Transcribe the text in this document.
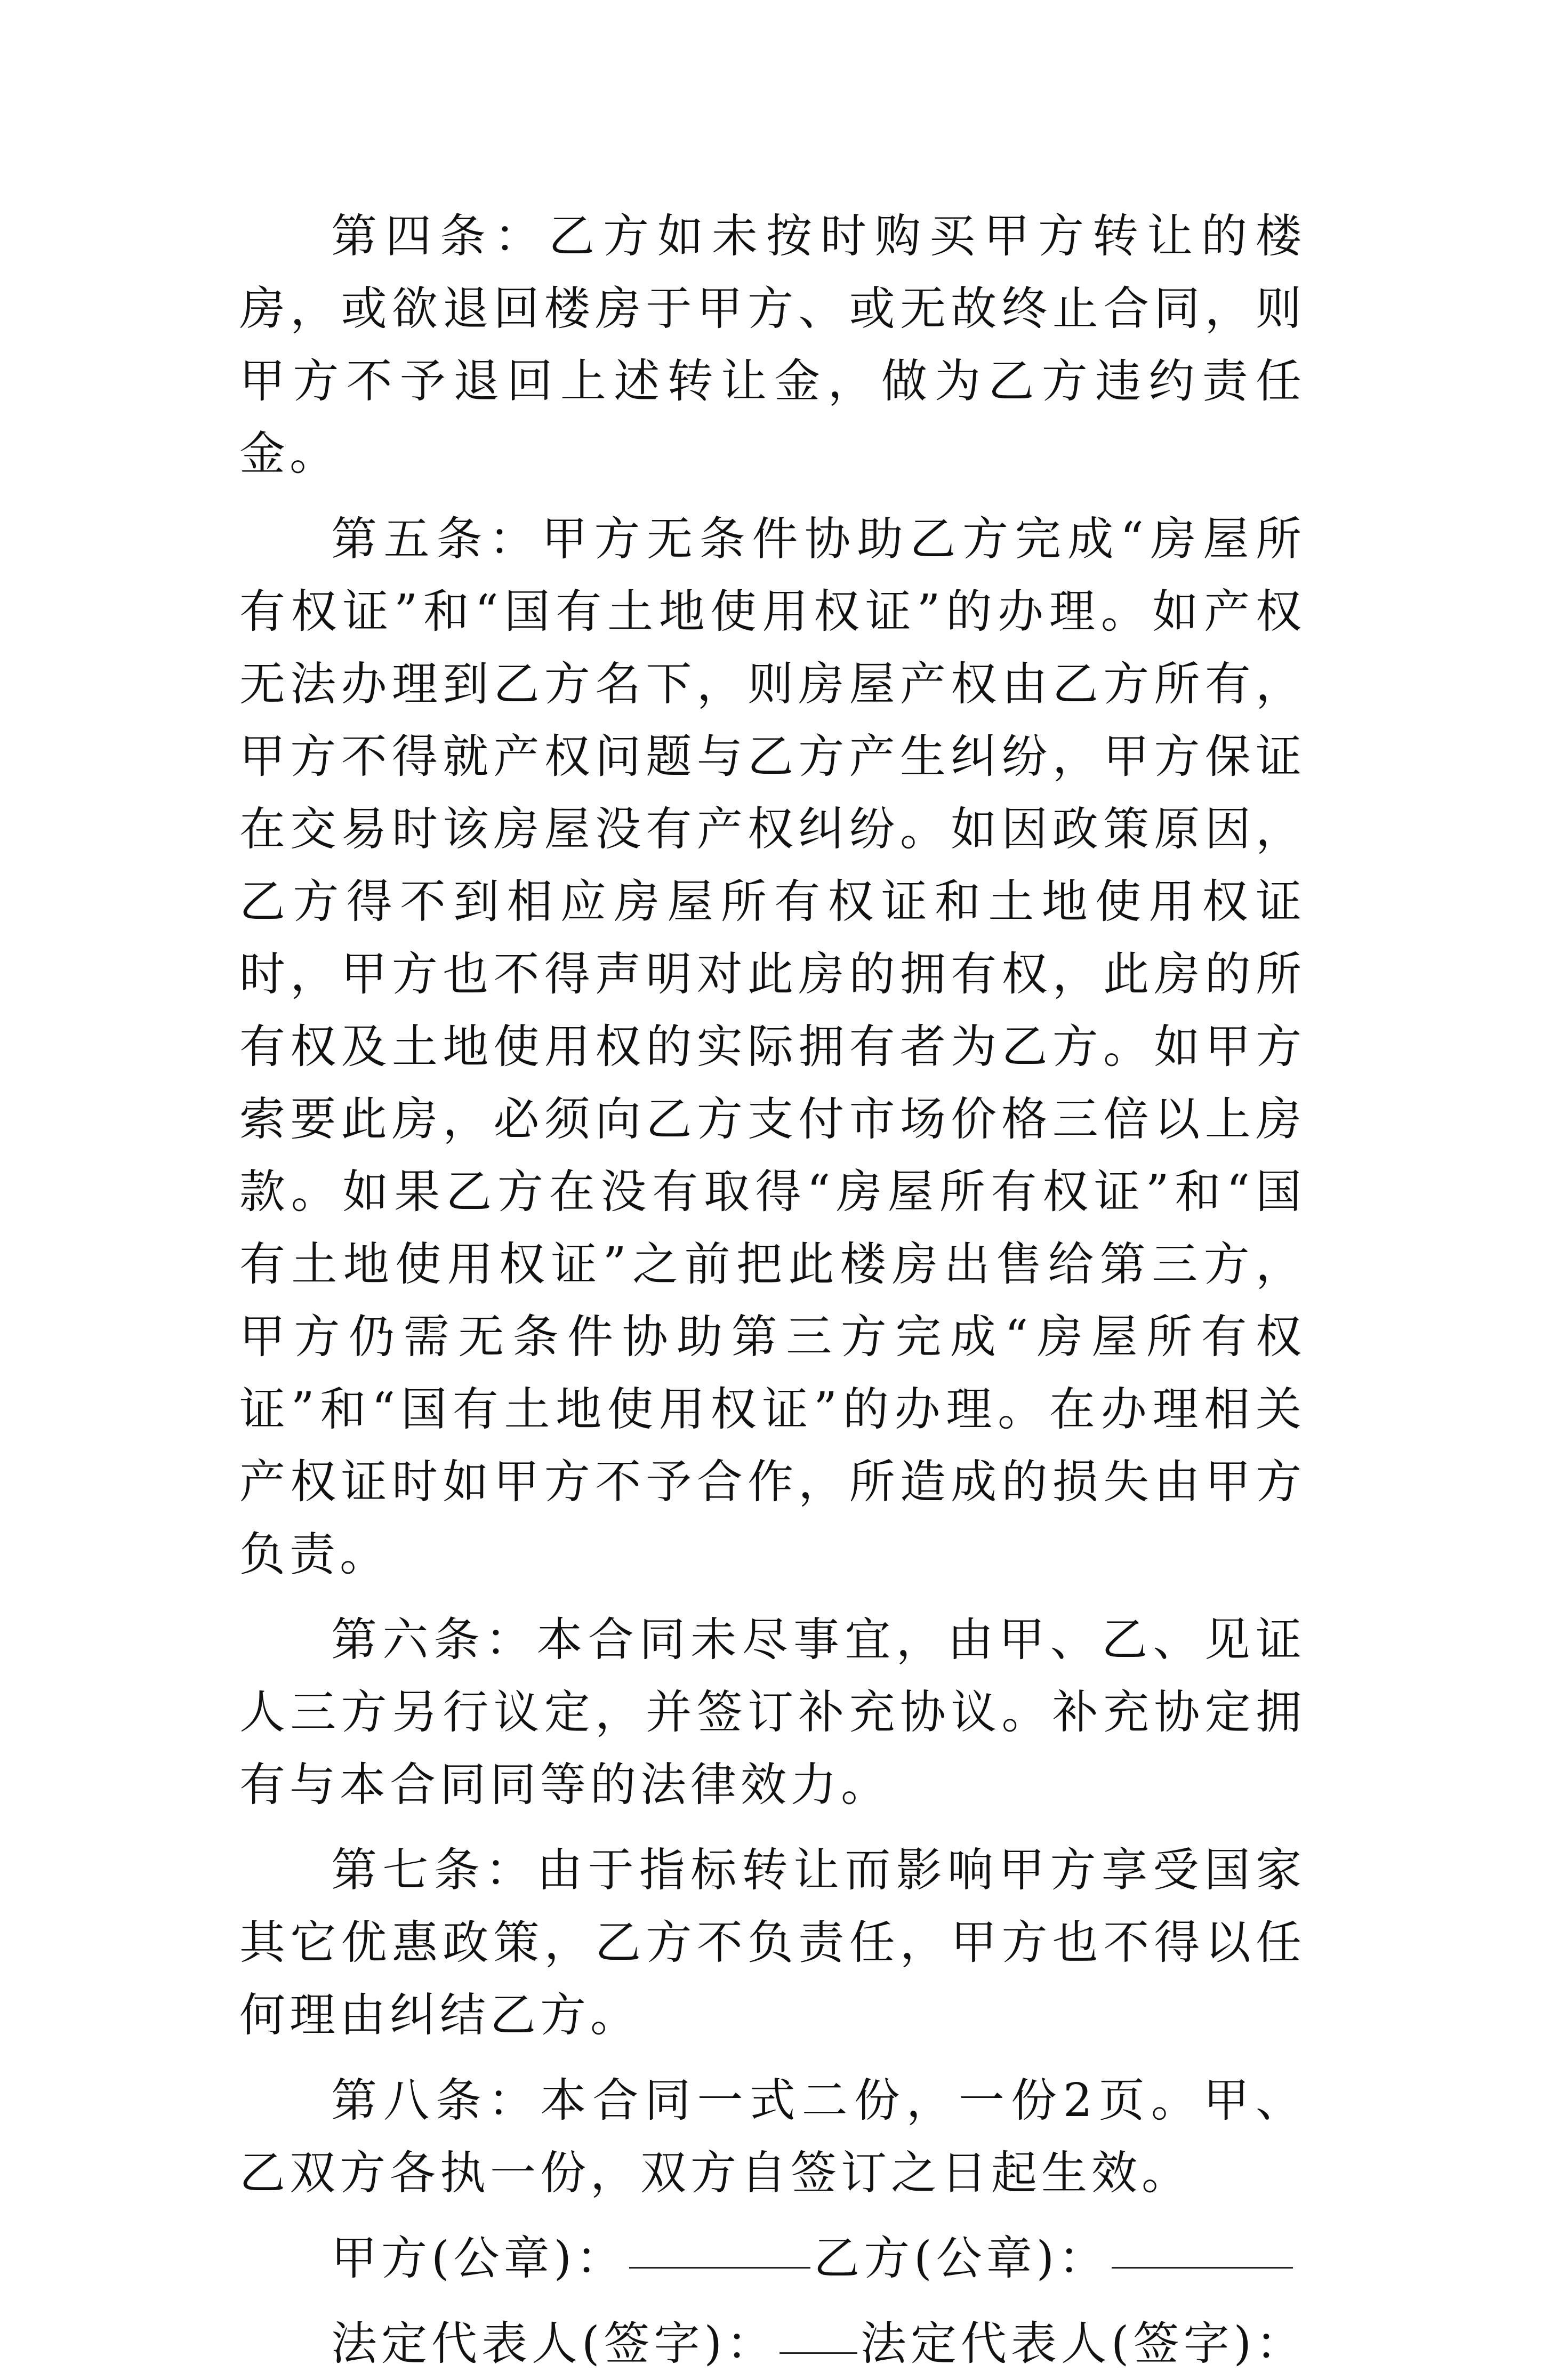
第四条：乙方如未按时购买甲方转让的楼房，或欲退回楼房于甲方、或无故终止合同，则甲方不予退回上述转让金，做为乙方违约责任金。

第五条：甲方无条件协助乙方完成“房屋所有权证”和“国有土地使用权证”的办理。如产权无法办理到乙方名下，则房屋产权由乙方所有，甲方不得就产权问题与乙方产生纠纷，甲方保证在交易时该房屋没有产权纠纷。如因政策原因，乙方得不到相应房屋所有权证和土地使用权证时，甲方也不得声明对此房的拥有权，此房的所有权及土地使用权的实际拥有者为乙方。如甲方索要此房，必须向乙方支付市场价格三倍以上房款。如果乙方在没有取得“房屋所有权证”和“国有土地使用权证”之前把此楼房出售给第三方，甲方仍需无条件协助第三方完成“房屋所有权证”和“国有土地使用权证”的办理。在办理相关产权证时如甲方不予合作，所造成的损失由甲方负责。

第六条：本合同未尽事宜，由甲、乙、见证人三方另行议定，并签订补充协议。补充协定拥有与本合同同等的法律效力。

第七条：由于指标转让而影响甲方享受国家其它优惠政策，乙方不负责任，甲方也不得以任何理由纠结乙方。

第八条：本合同一式二份，一份2页。甲、乙双方各执一份，双方自签订之日起生效。

甲方(公章)：	乙方(公章)：
法定代表人(签字)： 法定代表人(签字)：
